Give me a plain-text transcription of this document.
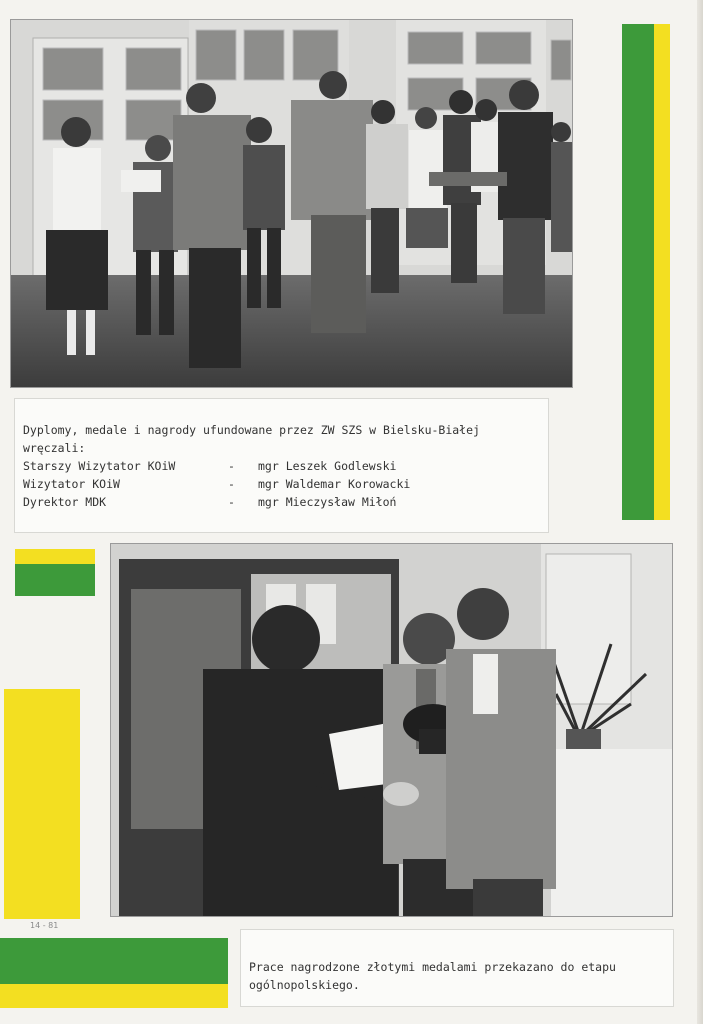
Dyplomy, medale i nagrody ufundowane przez ZW SZS w Bielsku-Białej
wręczali:
Starszy Wizytator KOiW	-	mgr Leszek Godlewski
Wizytator KOiW	-	mgr Waldemar Korowacki
Dyrektor MDK	-	mgr Mieczysław Miłoń
Prace nagrodzone złotymi medalami przekazano do etapu
ogólnopolskiego.
14 - 81
